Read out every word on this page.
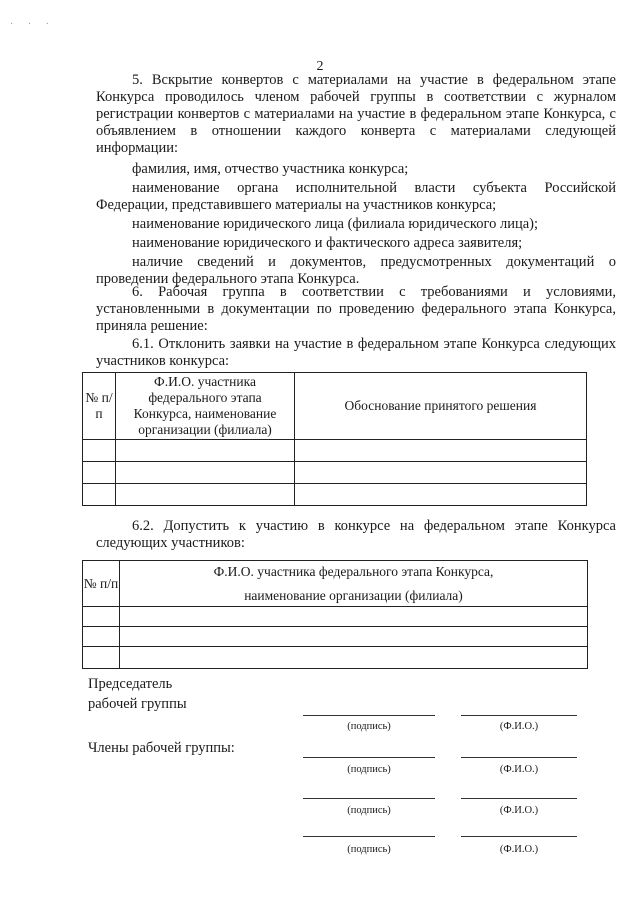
· · ·
2

5. Вскрытие конвертов с материалами на участие в федеральном этапе

Конкурса проводилось членом рабочей группы в соответствии с журналом

регистрации конвертов с материалами на участие в федеральном этапе Конкурса, с

объявлением в отношении каждого конверта с материалами следующей

информации:

фамилия, имя, отчество участника конкурса;

наименование органа исполнительной власти субъекта Российской

Федерации, представившего материалы на участников конкурса;

наименование юридического лица (филиала юридического лица);

наименование юридического и фактического адреса заявителя;

наличие сведений и документов, предусмотренных документаций о

проведении федерального этапа Конкурса.

6. Рабочая группа в соответствии с требованиями и условиями,

установленными в документации по проведению федерального этапа Конкурса,

приняла решение:

6.1. Отклонить заявки на участие в федеральном этапе Конкурса следующих

участников конкурса:

№ п/п	Ф.И.О. участника
федерального этапа
Конкурса, наименование
организации (филиала)	Обоснование принятого решения

6.2. Допустить к участию в конкурсе на федеральном этапе Конкурса

следующих участников:

№ п/п	Ф.И.О. участника федерального этапа Конкурса,
наименование организации (филиала)

Председатель
рабочей группы
Члены рабочей группы:
(подпись)	(Ф.И.О.)
(подпись)	(Ф.И.О.)
(подпись)	(Ф.И.О.)
(подпись)	(Ф.И.О.)
